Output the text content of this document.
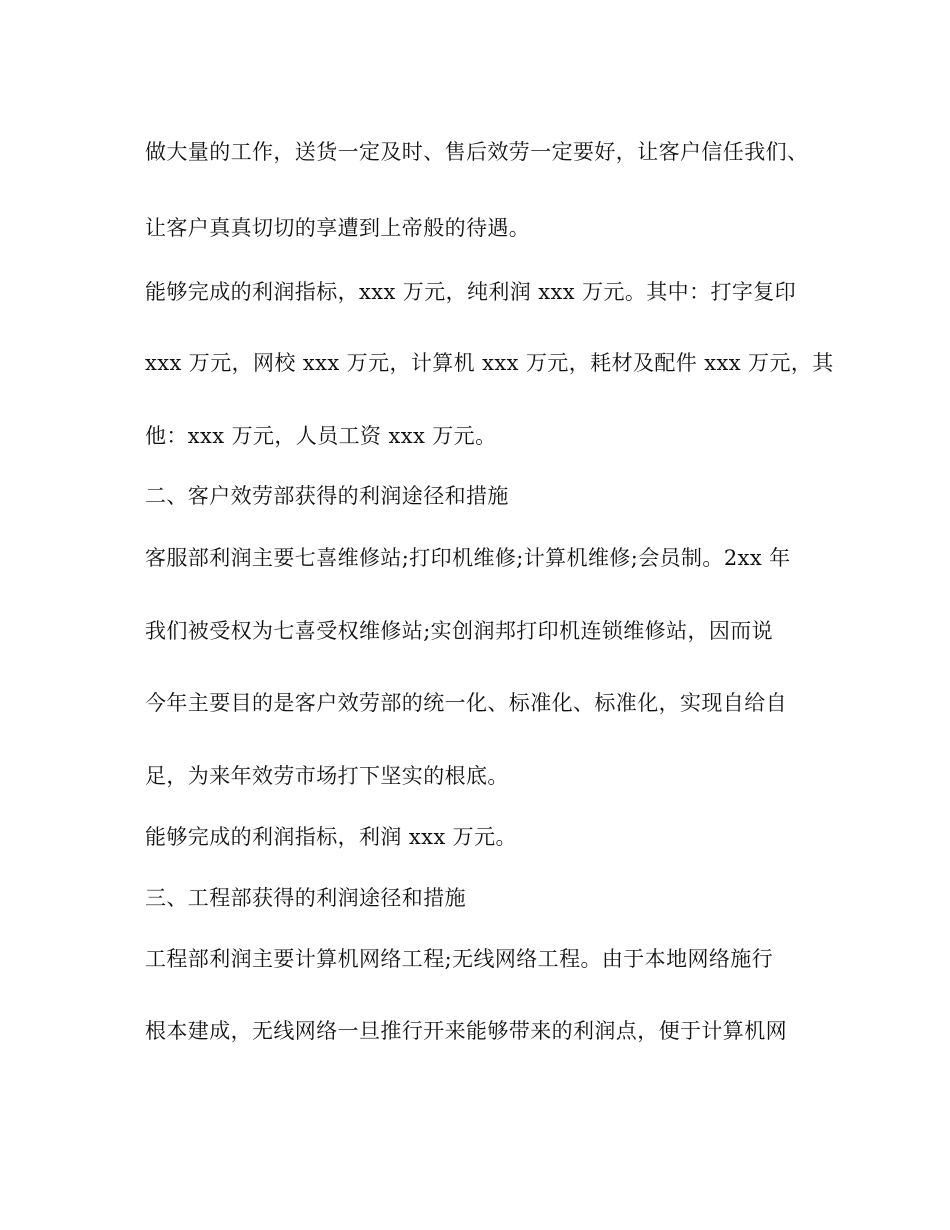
做大量的工作，送货一定及时、售后效劳一定要好，让客户信任我们、
让客户真真切切的享遭到上帝般的待遇。
能够完成的利润指标，xxx 万元，纯利润 xxx 万元。其中：打字复印
xxx 万元，网校 xxx 万元，计算机 xxx 万元，耗材及配件 xxx 万元，其
他：xxx 万元，人员工资 xxx 万元。
二、客户效劳部获得的利润途径和措施
客服部利润主要七喜维修站;打印机维修;计算机维修;会员制。2xx 年
我们被受权为七喜受权维修站;实创润邦打印机连锁维修站，因而说
今年主要目的是客户效劳部的统一化、标准化、标准化，实现自给自
足，为来年效劳市场打下坚实的根底。
能够完成的利润指标，利润 xxx 万元。
三、工程部获得的利润途径和措施
工程部利润主要计算机网络工程;无线网络工程。由于本地网络施行
根本建成，无线网络一旦推行开来能够带来的利润点，便于计算机网
